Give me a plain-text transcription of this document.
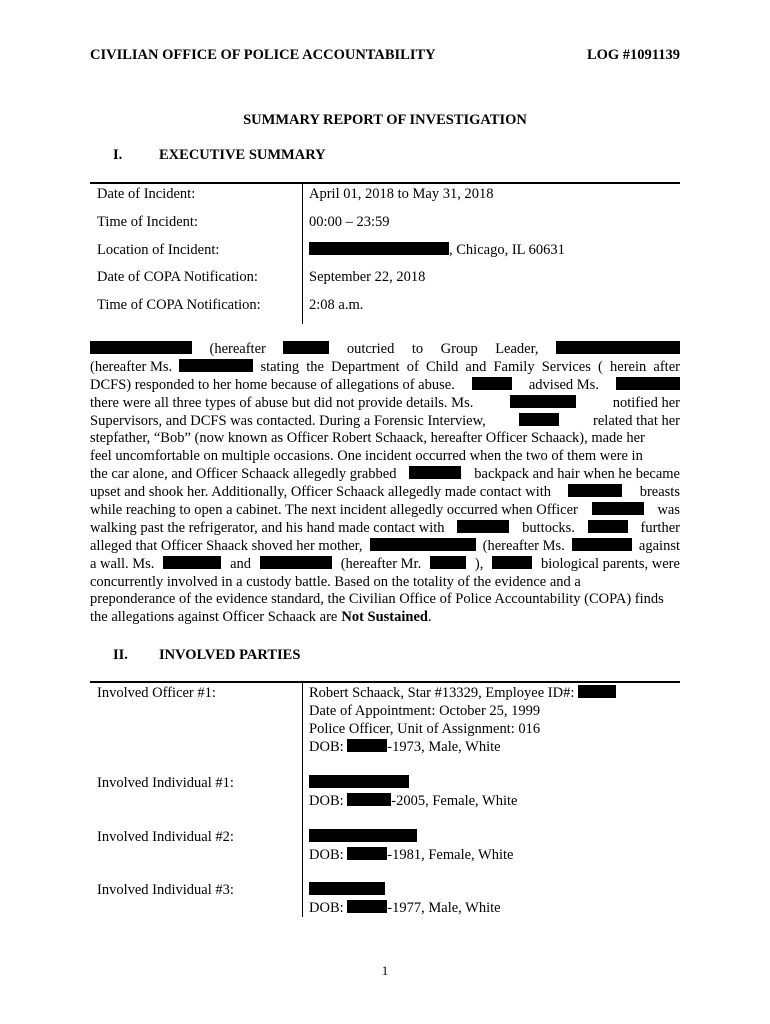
CIVILIAN OFFICE OF POLICE ACCOUNTABILITY	LOG #1091139
SUMMARY REPORT OF INVESTIGATION
I.	EXECUTIVE SUMMARY
Date of Incident:	April 01, 2018 to May 31, 2018
Time of Incident:	00:00 – 23:59
Location of Incident:	, Chicago, IL 60631
Date of COPA Notification:	September 22, 2018
Time of COPA Notification:	2:08 a.m.
(hereafter	outcried to Group Leader,
(hereafter Ms.	stating the Department of Child and Family Services ( herein after
DCFS) responded to her home because of allegations of abuse.	advised Ms.
there were all three types of abuse but did not provide details. Ms.	notified her
Supervisors, and DCFS was contacted. During a Forensic Interview,	related that her
stepfather, “Bob” (now known as Officer Robert Schaack, hereafter Officer Schaack), made her
feel uncomfortable on multiple occasions. One incident occurred when the two of them were in
the car alone, and Officer Schaack allegedly grabbed	backpack and hair when he became
upset and shook her. Additionally, Officer Schaack allegedly made contact with	breasts
while reaching to open a cabinet. The next incident allegedly occurred when Officer	was
walking past the refrigerator, and his hand made contact with	buttocks.	further
alleged that Officer Shaack shoved her mother,	(hereafter Ms.	against
a wall. Ms.	and	(hereafter Mr.	),	biological parents, were
concurrently involved in a custody battle. Based on the totality of the evidence and a
preponderance of the evidence standard, the Civilian Office of Police Accountability (COPA) finds
the allegations against Officer Schaack are Not Sustained.
II. INVOLVED PARTIES
Involved Officer #1:	Robert Schaack, Star #13329, Employee ID#:
Date of Appointment: October 25, 1999
Police Officer, Unit of Assignment: 016
DOB:	-1973, Male, White
Involved Individual #1:
DOB:	-2005, Female, White
Involved Individual #2:
DOB:	-1981, Female, White
Involved Individual #3:
DOB:	-1977, Male, White
1
